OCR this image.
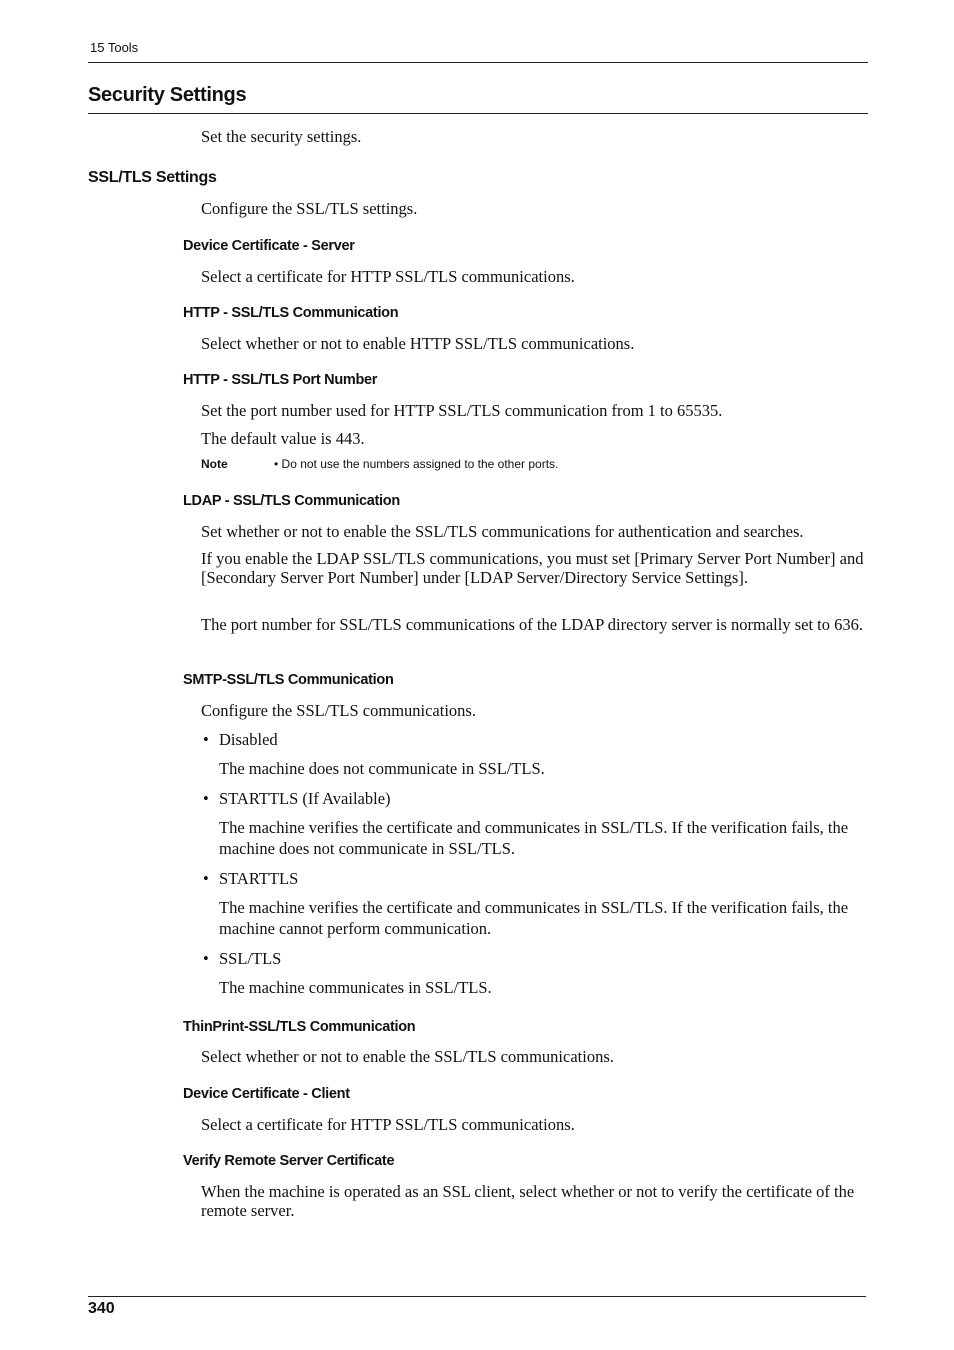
15 Tools
Security Settings
Set the security settings.
SSL/TLS Settings
Configure the SSL/TLS settings.
Device Certificate - Server
Select a certificate for HTTP SSL/TLS communications.
HTTP - SSL/TLS Communication
Select whether or not to enable HTTP SSL/TLS communications.
HTTP - SSL/TLS Port Number
Set the port number used for HTTP SSL/TLS communication from 1 to 65535.
The default value is 443.
Note	• Do not use the numbers assigned to the other ports.
LDAP - SSL/TLS Communication
Set whether or not to enable the SSL/TLS communications for authentication and searches.
If you enable the LDAP SSL/TLS communications, you must set [Primary Server Port Number] and [Secondary Server Port Number] under [LDAP Server/Directory Service Settings].
The port number for SSL/TLS communications of the LDAP directory server is normally set to 636.
SMTP-SSL/TLS Communication
Configure the SSL/TLS communications.
• Disabled
The machine does not communicate in SSL/TLS.
• STARTTLS (If Available)
The machine verifies the certificate and communicates in SSL/TLS. If the verification fails, the machine does not communicate in SSL/TLS.
• STARTTLS
The machine verifies the certificate and communicates in SSL/TLS. If the verification fails, the machine cannot perform communication.
• SSL/TLS
The machine communicates in SSL/TLS.
ThinPrint-SSL/TLS Communication
Select whether or not to enable the SSL/TLS communications.
Device Certificate - Client
Select a certificate for HTTP SSL/TLS communications.
Verify Remote Server Certificate
When the machine is operated as an SSL client, select whether or not to verify the certificate of the remote server.
340
